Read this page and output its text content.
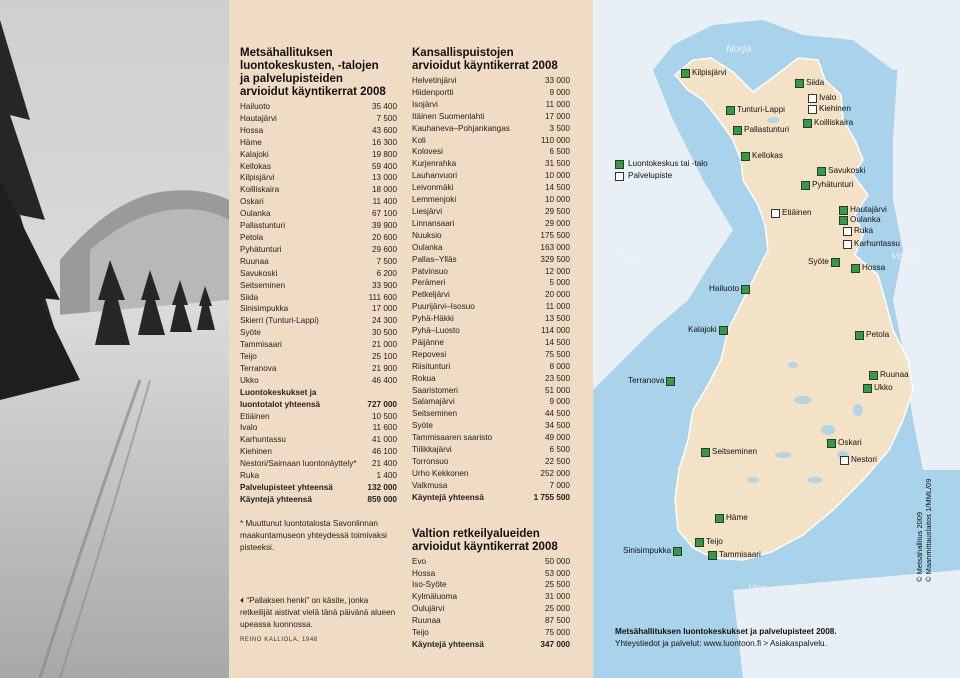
Metsähallituksen
luontokeskusten, -talojen
ja palvelupisteiden
arvioidut käyntikerrat 2008
Hailuoto	35 400
Hautajärvi	7 500
Hossa	43 600
Häme	16 300
Kalajoki	19 800
Kellokas	59 400
Kilpisjärvi	13 000
Koilliskaira	18 000
Oskari	11 400
Oulanka	67 100
Pallastunturi	39 900
Petola	20 600
Pyhätunturi	29 600
Ruunaa	7 500
Savukoski	6 200
Seitseminen	33 900
Siida	111 600
Sinisimpukka	17 000
Skierri (Tunturi-Lappi)	24 300
Syöte	30 500
Tammisaari	21 000
Teijo	25 100
Terranova	21 900
Ukko	46 400
Luontokeskukset ja
luontotalot yhteensä	727 000
Etiäinen	10 500
Ivalo	11 600
Karhuntassu	41 000
Kiehinen	46 100
Nestori/Saimaan luontonäyttely* 21 400
Ruka	1 400
Palvelupisteet yhteensä	132 000
Käyntejä yhteensä	859 000
* Muuttunut luontotalosta Savonlinnan maakuntamuseon yhteydessä toimivaksi pisteeksi.
⏴ “Pallaksen henki” on käsite, jonka retkeilijät aistivat vielä tänä päivänä alueen upeassa luonnossa.
REINO KALLIOLA, 1948
Kansallispuistojen
arvioidut käyntikerrat 2008
Helvetinjärvi	33 000
Hiidenportti	9 000
Isojärvi	11 000
Itäinen Suomenlahti	17 000
Kauhaneva–Pohjankangas	3 500
Koli	110 000
Kolovesi	6 500
Kurjenrahka	31 500
Lauhanvuori	10 000
Leivonmäki	14 500
Lemmenjoki	10 000
Liesjärvi	29 500
Linnansaari	29 000
Nuuksio	175 500
Oulanka	163 000
Pallas–Ylläs	329 500
Patvinsuo	12 000
Perämeri	5 000
Petkeljärvi	20 000
Puurijärvi–Isosuo	11 000
Pyhä-Häkki	13 500
Pyhä–Luosto	114 000
Päijänne	14 500
Repovesi	75 500
Riisitunturi	8 000
Rokua	23 500
Saaristomeri	51 000
Salamajärvi	9 000
Seitseminen	44 500
Syöte	34 500
Tammisaaren saaristo	49 000
Tiilikkajärvi	6 500
Torronsuo	22 500
Urho Kekkonen	252 000
Valkmusa	7 000
Käyntejä yhteensä	1 755 500
Valtion retkeilyalueiden
arvioidut käyntikerrat 2008
Evo	50 000
Hossa	53 000
Iso-Syöte	25 500
Kylmäluoma	31 000
Oulujärvi	25 000
Ruunaa	87 500
Teijo	75 000
Käyntejä yhteensä	347 000
Norja
Ruotsi	Venäjä
Viro
Luontokeskus tai -talo
Palvelupiste
Kilpisjärvi
Siida
Ivalo
Kiehinen
Tunturi-Lappi
Koilliskaira
Pallastunturi
Kellokas
Savukoski
Pyhätunturi
Etiäinen	Hautajärvi
Oulanka
Ruka
Karhuntassu
Syöte
Hossa
Hailuoto
Kalajoki
Petola
Terranova
Ruunaa
Ukko
Seitseminen
Oskari
Nestori
Häme
Teijo
Sinisimpukka	Tammisaari
Metsähallituksen luontokeskukset ja palvelupisteet 2008.
Yhteystiedot ja palvelut: www.luontoon.fi > Asiakaspalvelu.
© Metsähallitus 2009 © Maanmittauslaitos 1/MML/09
